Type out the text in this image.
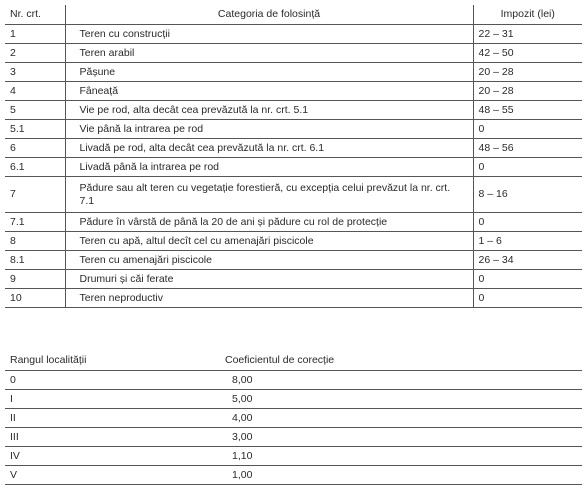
Nr. crt.	Categoria de folosință	Impozit (lei)
1	Teren cu construcții	22 – 31
2	Teren arabil	42 – 50
3	Pășune	20 – 28
4	Fâneață	20 – 28
5	Vie pe rod, alta decât cea prevăzută la nr. crt. 5.1	48 – 55
5.1	Vie până la intrarea pe rod	0
6	Livadă pe rod, alta decât cea prevăzută la nr. crt. 6.1	48 – 56
6.1	Livadă până la intrarea pe rod	0
7	Pădure sau alt teren cu vegetație forestieră, cu excepția celui prevăzut la nr. crt. 7.1	8 – 16
7.1	Pădure în vârstă de până la 20 de ani și pădure cu rol de protecție	0
8	Teren cu apă, altul decît cel cu amenajări piscicole	1 – 6
8.1	Teren cu amenajări piscicole	26 – 34
9	Drumuri și căi ferate	0
10	Teren neproductiv	0
Rangul localității	Coeficientul de corecție
0	8,00
I	5,00
II	4,00
III	3,00
IV	1,10
V	1,00
